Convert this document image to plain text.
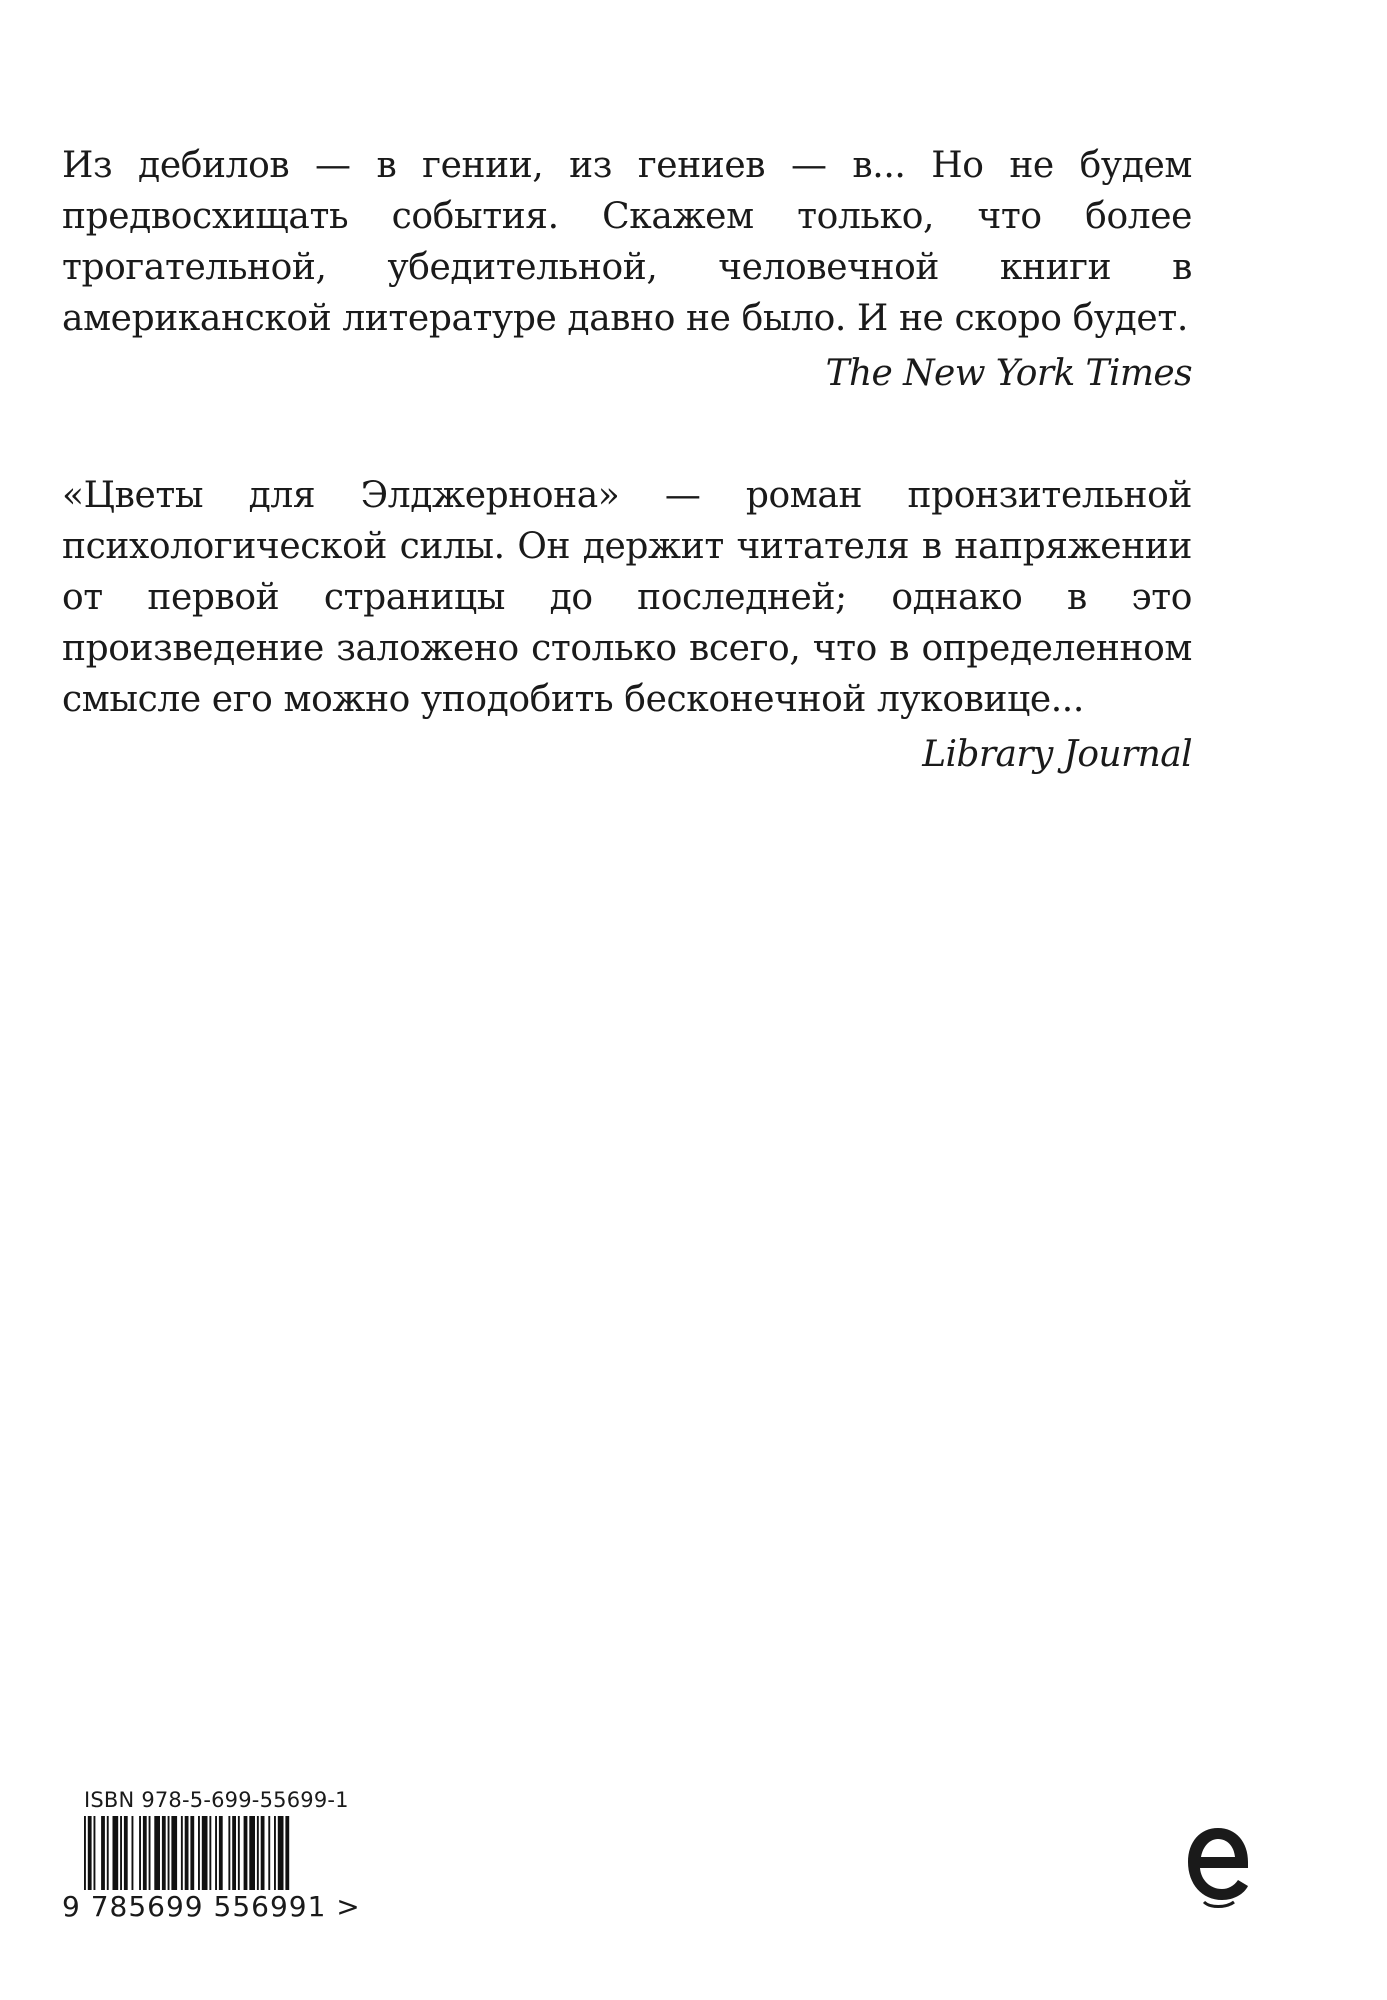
Из дебилов — в гении, из гениев — в... Но не будем предвосхищать события. Скажем только, что более трогательной, убедительной, человечной книги в американской литературе давно не было. И не скоро будет.

The New York Times

«Цветы для Элджернона» — роман пронзительной психологической силы. Он держит читателя в напряжении от первой страницы до последней; однако в это произведение заложено столько всего, что в определенном смысле его можно уподобить бесконечной луковице...

Library Journal
ISBN 978-5-699-55699-1
9 785699 556991 >
